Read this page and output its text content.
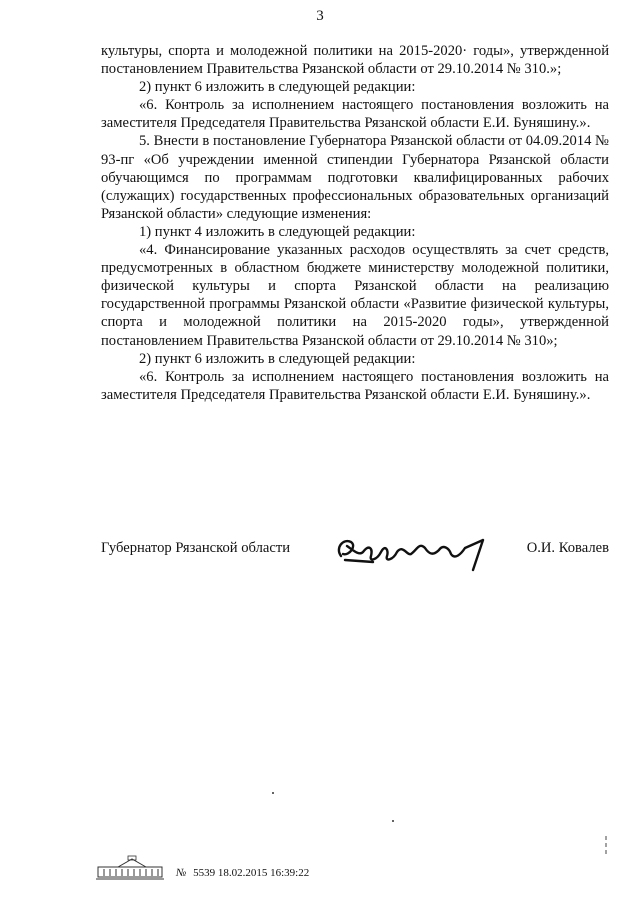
3

культуры, спорта и молодежной политики на 2015-2020· годы», утвержденной постановлением Правительства Рязанской области от 29.10.2014 № 310.»;

2) пункт 6 изложить в следующей редакции:

«6. Контроль за исполнением настоящего постановления возложить на заместителя Председателя Правительства Рязанской области Е.И. Буняшину.».

5. Внести в постановление Губернатора Рязанской области от 04.09.2014 № 93-пг «Об учреждении именной стипендии Губернатора Рязанской области обучающимся по программам подготовки квалифицированных рабочих (служащих) государственных профессиональных образовательных организаций Рязанской области» следующие изменения:

1) пункт 4 изложить в следующей редакции:

«4. Финансирование указанных расходов осуществлять за счет средств, предусмотренных в областном бюджете министерству молодежной политики, физической культуры и спорта Рязанской области на реализацию государственной программы Рязанской области «Развитие физической культуры, спорта и молодежной политики на 2015-2020 годы», утвержденной постановлением Правительства Рязанской области от 29.10.2014 № 310»;

2) пункт 6 изложить в следующей редакции:

«6. Контроль за исполнением настоящего постановления возложить на заместителя Председателя Правительства Рязанской области Е.И. Буняшину.».

Губернатор Рязанской области	О.И. Ковалев
№ 5539 18.02.2015 16:39:22
